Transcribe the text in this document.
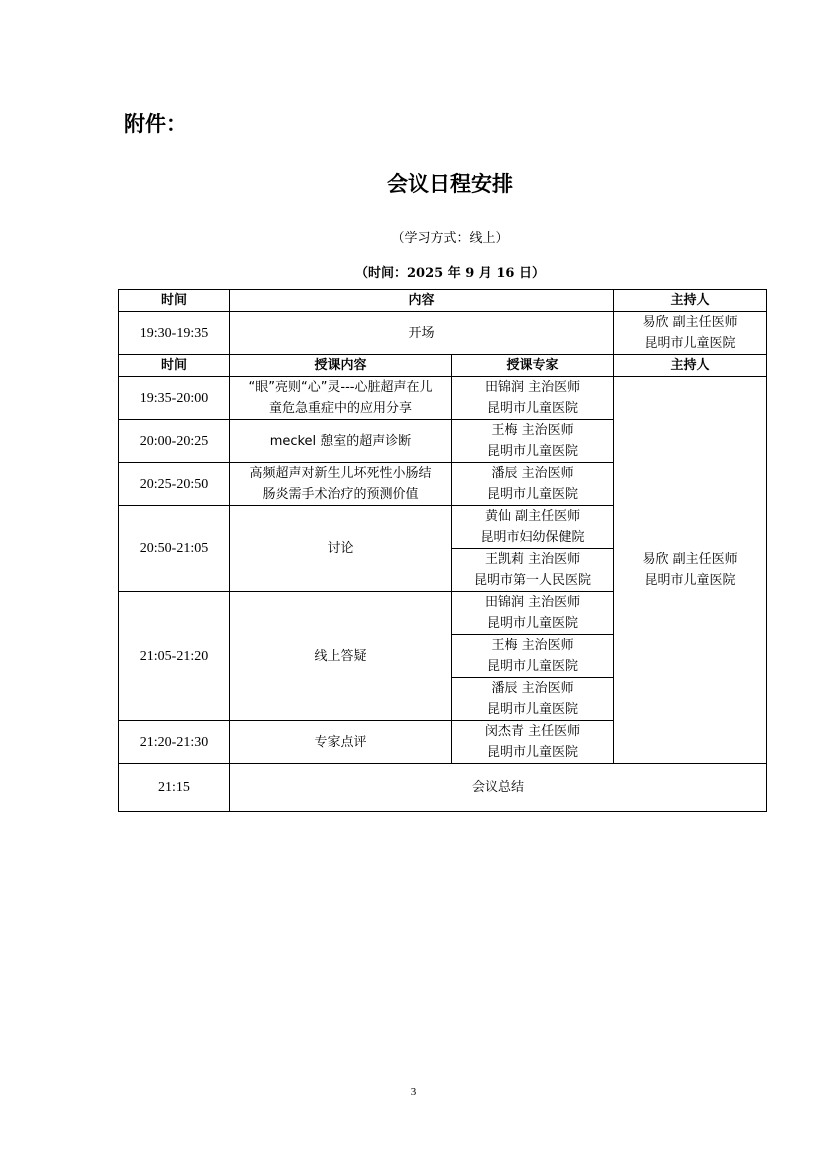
附件：
会议日程安排
（学习方式：线上）
（时间：2025 年 9 月 16 日）
时间	内容		主持人
19:30-19:35	开场		易欣 副主任医师
昆明市儿童医院

时间	授课内容	授课专家	主持人
19:35-20:00	“眼”亮则“心”灵---心脏超声在儿
童危急重症中的应用分享	田锦润 主治医师
昆明市儿童医院	易欣 副主任医师
昆明市儿童医院

20:00-20:25	meckel 憩室的超声诊断	王梅 主治医师
昆明市儿童医院	

20:25-20:50	高频超声对新生儿坏死性小肠结
肠炎需手术治疗的预测价值	潘辰 主治医师
昆明市儿童医院	

20:50-21:05	讨论	黄仙 副主任医师
昆明市妇幼保健院	

		王凯莉 主治医师
昆明市第一人民医院	

21:05-21:20	线上答疑	田锦润 主治医师
昆明市儿童医院	

		王梅 主治医师
昆明市儿童医院	

		潘辰 主治医师
昆明市儿童医院	

21:20-21:30	专家点评	闵杰青 主任医师
昆明市儿童医院	

21:15	会议总结		
3
